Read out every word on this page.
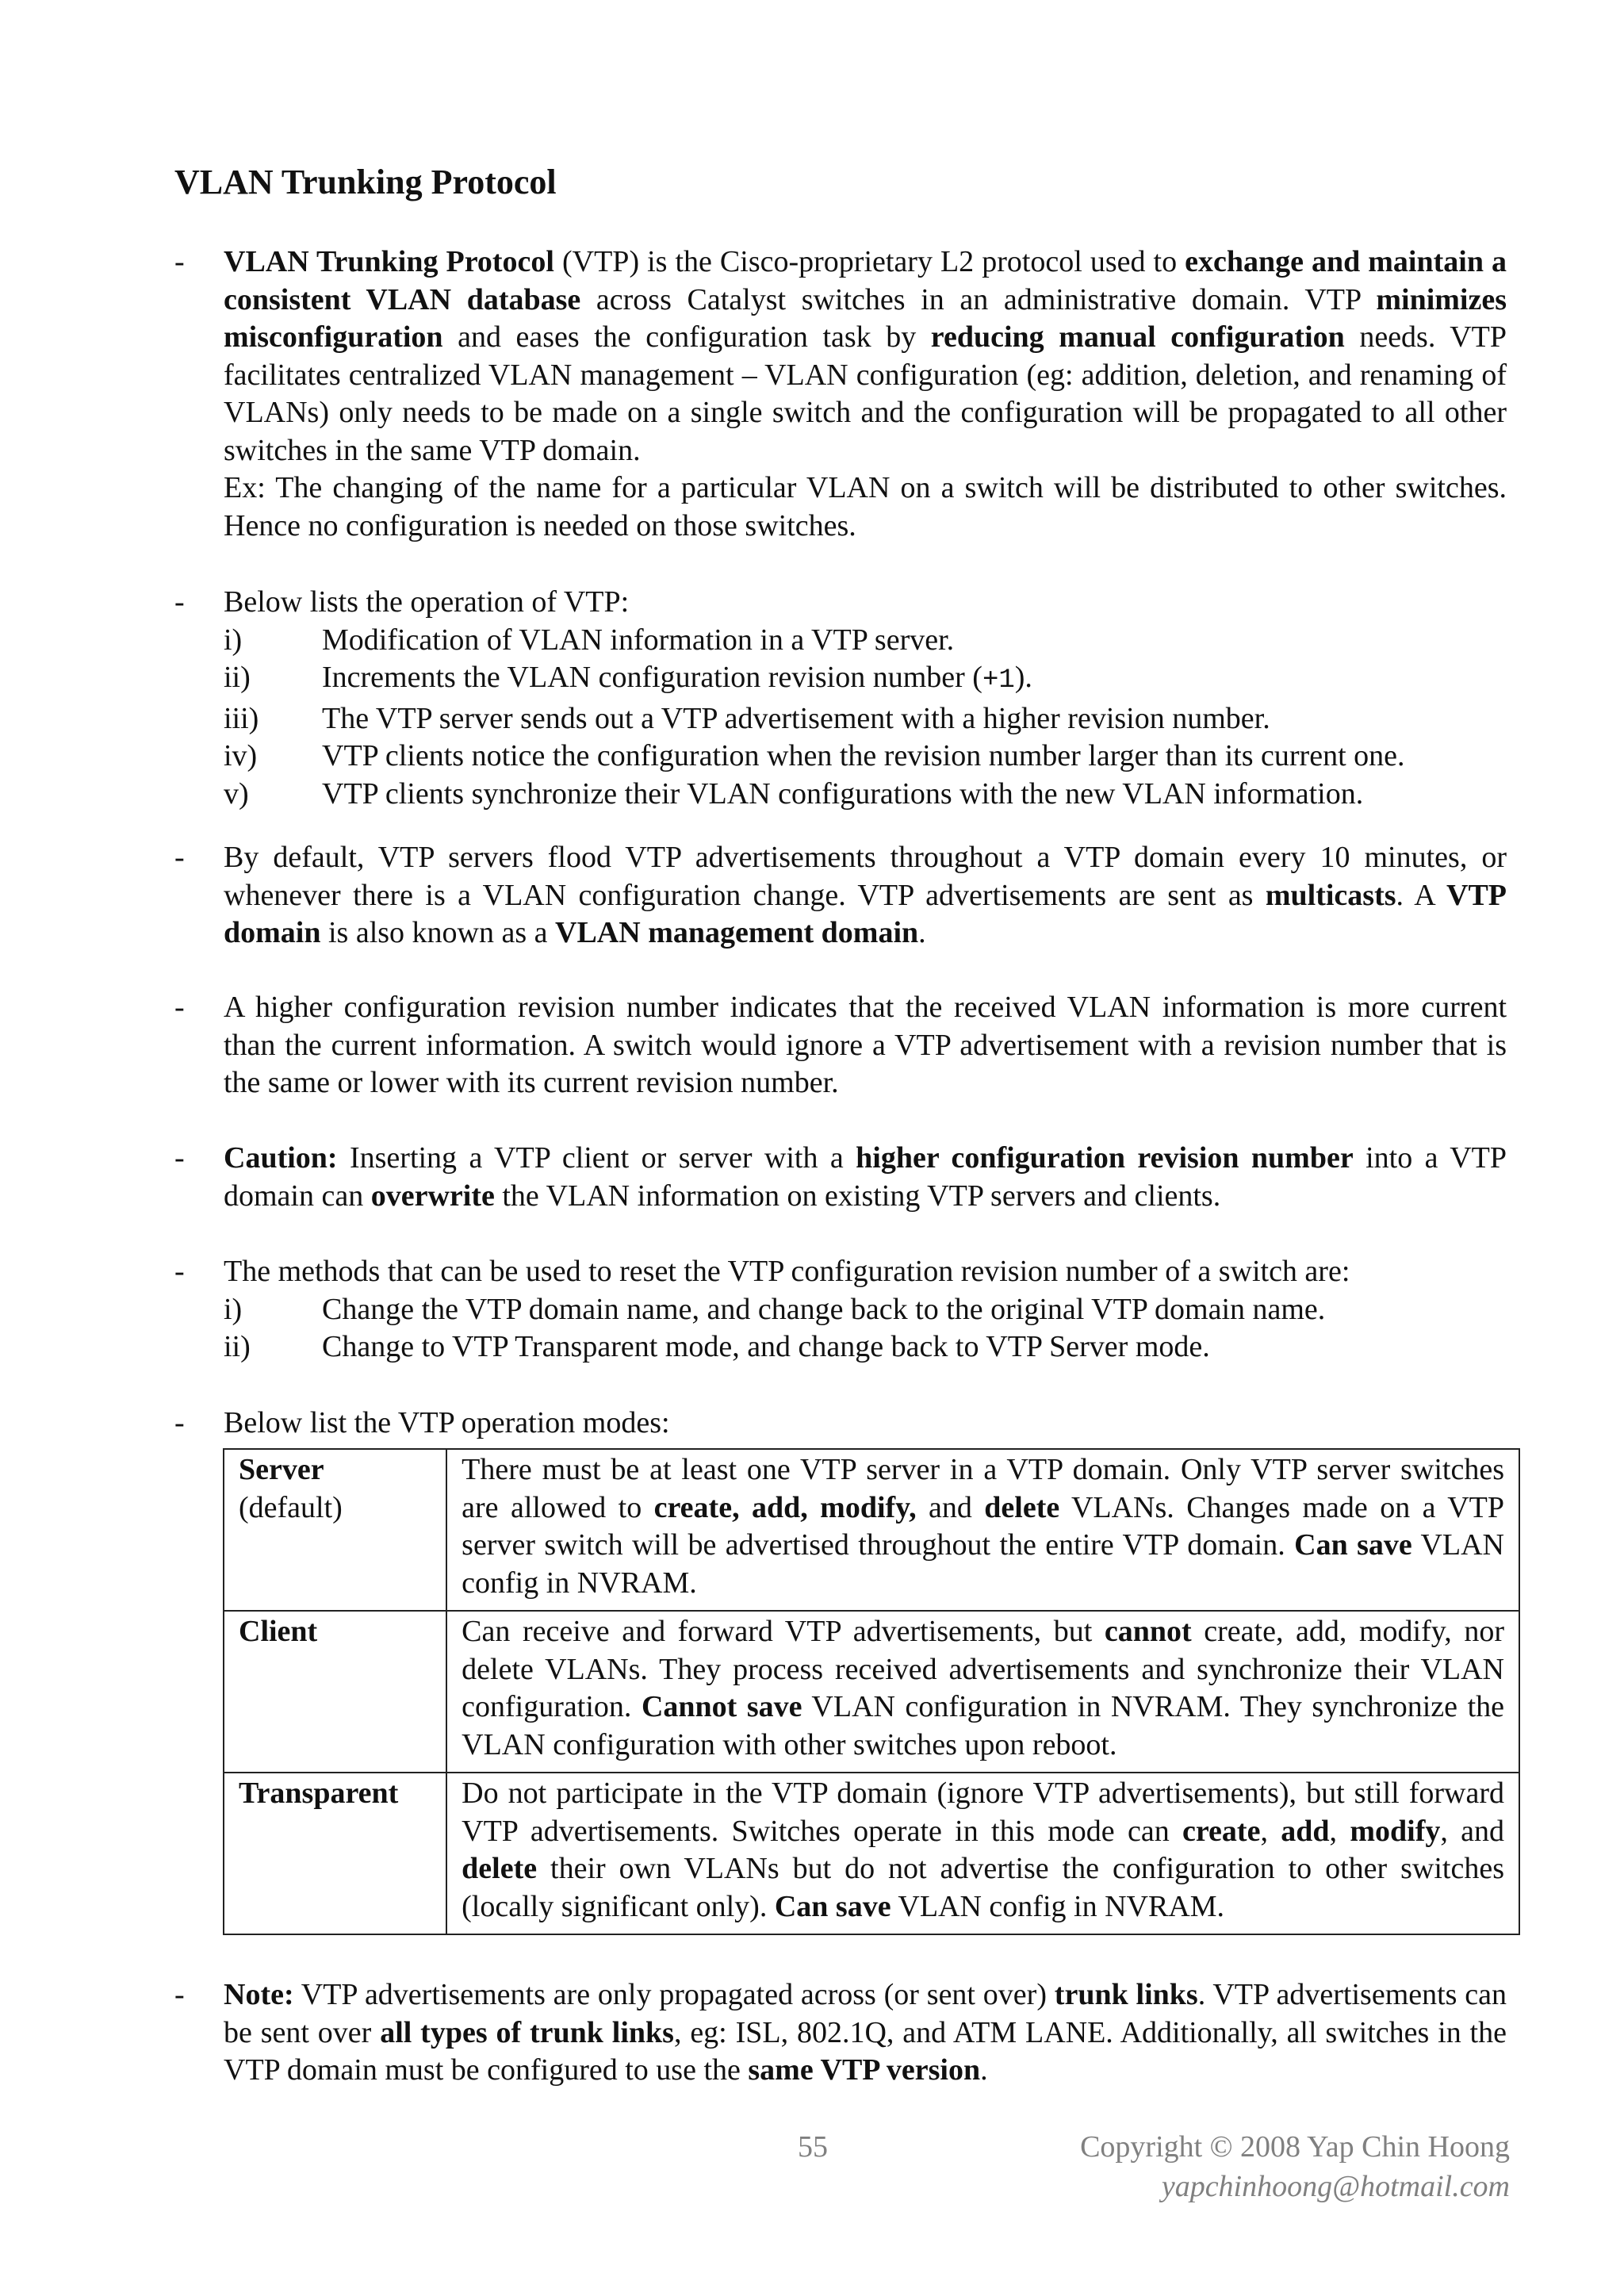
VLAN Trunking Protocol
-	VLAN Trunking Protocol (VTP) is the Cisco-proprietary L2 protocol used to exchange and maintain a consistent VLAN database across Catalyst switches in an administrative domain. VTP minimizes misconfiguration and eases the configuration task by reducing manual configuration needs. VTP facilitates centralized VLAN management – VLAN configuration (eg: addition, deletion, and renaming of VLANs) only needs to be made on a single switch and the configuration will be propagated to all other switches in the same VTP domain.

Ex: The changing of the name for a particular VLAN on a switch will be distributed to other switches. Hence no configuration is needed on those switches.

-	Below lists the operation of VTP:

i)	Modification of VLAN information in a VTP server.
ii) Increments the VLAN configuration revision number (+1).
iii) The VTP server sends out a VTP advertisement with a higher revision number.
iv) VTP clients notice the configuration when the revision number larger than its current one.
v) VTP clients synchronize their VLAN configurations with the new VLAN information.
-	By default, VTP servers flood VTP advertisements throughout a VTP domain every 10 minutes, or whenever there is a VLAN configuration change. VTP advertisements are sent as multicasts. A VTP domain is also known as a VLAN management domain.

-	A higher configuration revision number indicates that the received VLAN information is more current than the current information. A switch would ignore a VTP advertisement with a revision number that is the same or lower with its current revision number.

-	Caution: Inserting a VTP client or server with a higher configuration revision number into a VTP domain can overwrite the VLAN information on existing VTP servers and clients.

-	The methods that can be used to reset the VTP configuration revision number of a switch are:

i)	Change the VTP domain name, and change back to the original VTP domain name.
ii) Change to VTP Transparent mode, and change back to VTP Server mode.
-	Below list the VTP operation modes:

Server
(default)	There must be at least one VTP server in a VTP domain. Only VTP server switches are allowed to create, add, modify, and delete VLANs. Changes made on a VTP server switch will be advertised throughout the entire VTP domain. Can save VLAN config in NVRAM.
Client	Can receive and forward VTP advertisements, but cannot create, add, modify, nor delete VLANs. They process received advertisements and synchronize their VLAN configuration. Cannot save VLAN configuration in NVRAM. They synchronize the VLAN configuration with other switches upon reboot.
Transparent	Do not participate in the VTP domain (ignore VTP advertisements), but still forward VTP advertisements. Switches operate in this mode can create, add, modify, and delete their own VLANs but do not advertise the configuration to other switches (locally significant only). Can save VLAN config in NVRAM.
-	Note: VTP advertisements are only propagated across (or sent over) trunk links. VTP advertisements can be sent over all types of trunk links, eg: ISL, 802.1Q, and ATM LANE. Additionally, all switches in the VTP domain must be configured to use the same VTP version.

55	Copyright © 2008 Yap Chin Hoong
yapchinhoong@hotmail.com
